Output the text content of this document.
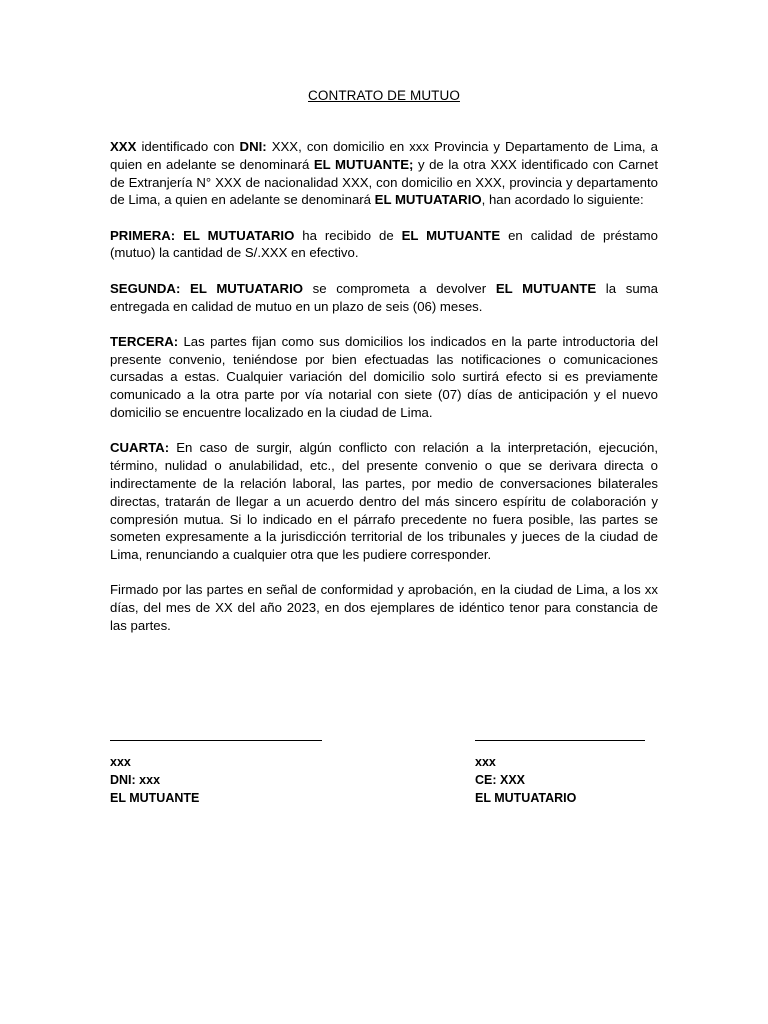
CONTRATO DE MUTUO

XXX identificado con DNI: XXX, con domicilio en xxx Provincia y Departamento de Lima, a quien en adelante se denominará EL MUTUANTE; y de la otra XXX identificado con Carnet de Extranjería N° XXX de nacionalidad XXX, con domicilio en XXX, provincia y departamento de Lima, a quien en adelante se denominará EL MUTUATARIO, han acordado lo siguiente:

PRIMERA: EL MUTUATARIO ha recibido de EL MUTUANTE en calidad de préstamo (mutuo) la cantidad de S/.XXX en efectivo.

SEGUNDA: EL MUTUATARIO se comprometa a devolver EL MUTUANTE la suma entregada en calidad de mutuo en un plazo de seis (06) meses.

TERCERA: Las partes fijan como sus domicilios los indicados en la parte introductoria del presente convenio, teniéndose por bien efectuadas las notificaciones o comunicaciones cursadas a estas. Cualquier variación del domicilio solo surtirá efecto si es previamente comunicado a la otra parte por vía notarial con siete (07) días de anticipación y el nuevo domicilio se encuentre localizado en la ciudad de Lima.

CUARTA: En caso de surgir, algún conflicto con relación a la interpretación, ejecución, término, nulidad o anulabilidad, etc., del presente convenio o que se derivara directa o indirectamente de la relación laboral, las partes, por medio de conversaciones bilaterales directas, tratarán de llegar a un acuerdo dentro del más sincero espíritu de colaboración y compresión mutua. Si lo indicado en el párrafo precedente no fuera posible, las partes se someten expresamente a la jurisdicción territorial de los tribunales y jueces de la ciudad de Lima, renunciando a cualquier otra que les pudiere corresponder.

Firmado por las partes en señal de conformidad y aprobación, en la ciudad de Lima, a los xx días, del mes de XX del año 2023, en dos ejemplares de idéntico tenor para constancia de las partes.

xxx
DNI: xxx
EL MUTUANTE
xxx
CE: XXX
EL MUTUATARIO
